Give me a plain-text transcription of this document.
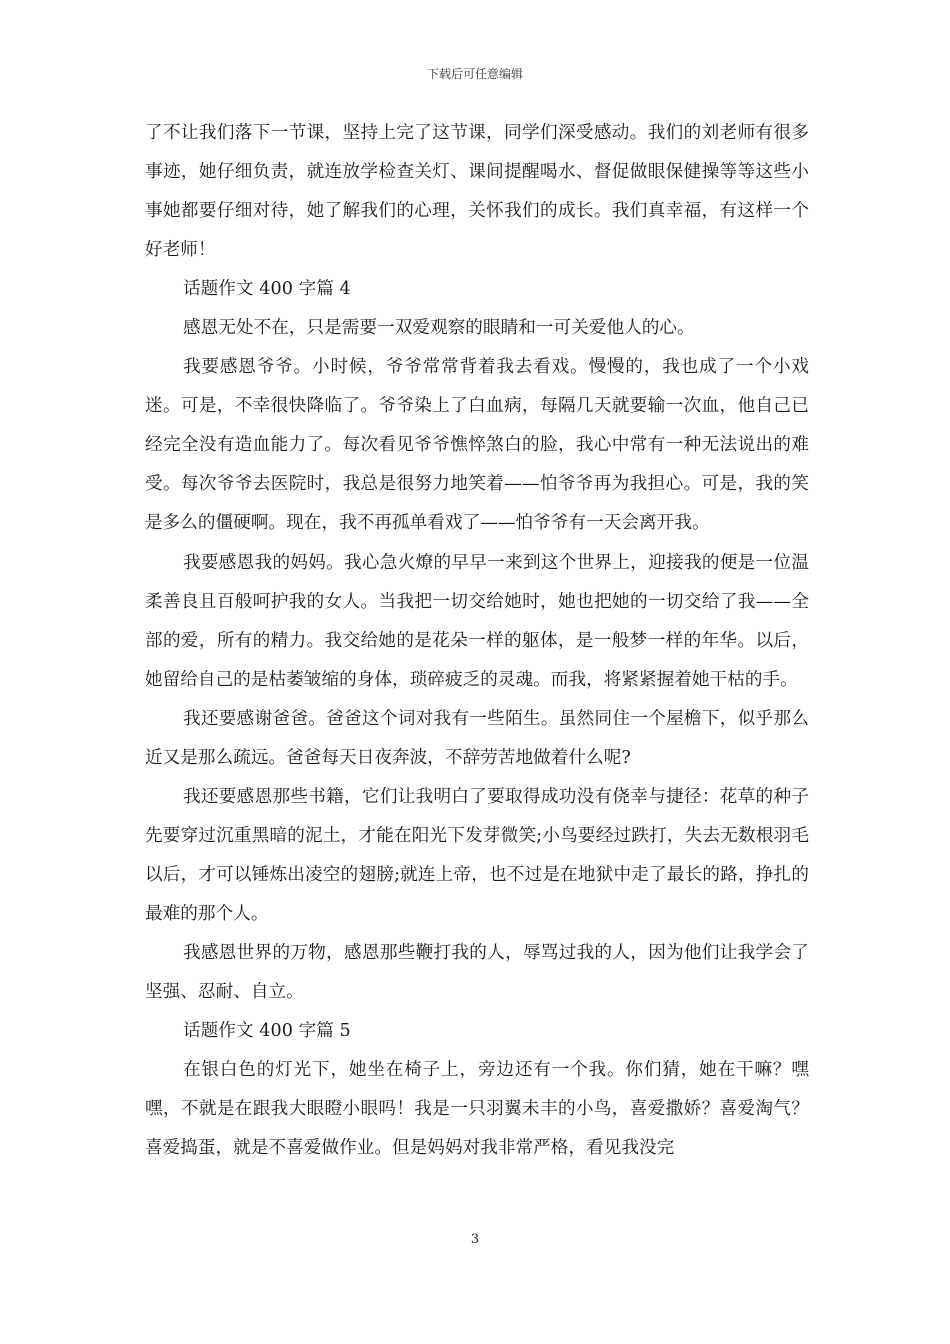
下载后可任意编辑

了不让我们落下一节课，坚持上完了这节课，同学们深受感动。我们的刘老师有很多事迹，她仔细负责，就连放学检查关灯、课间提醒喝水、督促做眼保健操等等这些小事她都要仔细对待，她了解我们的心理，关怀我们的成长。我们真幸福，有这样一个好老师！

话题作文 400 字篇 4

感恩无处不在，只是需要一双爱观察的眼睛和一可关爱他人的心。

我要感恩爷爷。小时候，爷爷常常背着我去看戏。慢慢的，我也成了一个小戏迷。可是，不幸很快降临了。爷爷染上了白血病，每隔几天就要输一次血，他自己已经完全没有造血能力了。每次看见爷爷憔悴煞白的脸，我心中常有一种无法说出的难受。每次爷爷去医院时，我总是很努力地笑着——怕爷爷再为我担心。可是，我的笑是多么的僵硬啊。现在，我不再孤单看戏了——怕爷爷有一天会离开我。

我要感恩我的妈妈。我心急火燎的早早一来到这个世界上，迎接我的便是一位温柔善良且百般呵护我的女人。当我把一切交给她时，她也把她的一切交给了我——全部的爱，所有的精力。我交给她的是花朵一样的躯体，是一般梦一样的年华。以后，她留给自己的是枯萎皱缩的身体，琐碎疲乏的灵魂。而我，将紧紧握着她干枯的手。

我还要感谢爸爸。爸爸这个词对我有一些陌生。虽然同住一个屋檐下，似乎那么近又是那么疏远。爸爸每天日夜奔波，不辞劳苦地做着什么呢?

我还要感恩那些书籍，它们让我明白了要取得成功没有侥幸与捷径：花草的种子先要穿过沉重黑暗的泥土，才能在阳光下发芽微笑;小鸟要经过跌打，失去无数根羽毛以后，才可以锤炼出凌空的翅膀;就连上帝，也不过是在地狱中走了最长的路，挣扎的最难的那个人。

我感恩世界的万物，感恩那些鞭打我的人，辱骂过我的人，因为他们让我学会了坚强、忍耐、自立。

话题作文 400 字篇 5

在银白色的灯光下，她坐在椅子上，旁边还有一个我。你们猜，她在干嘛？嘿嘿，不就是在跟我大眼瞪小眼吗！我是一只羽翼未丰的小鸟，喜爱撒娇？喜爱淘气？喜爱捣蛋，就是不喜爱做作业。但是妈妈对我非常严格，看见我没完

3
